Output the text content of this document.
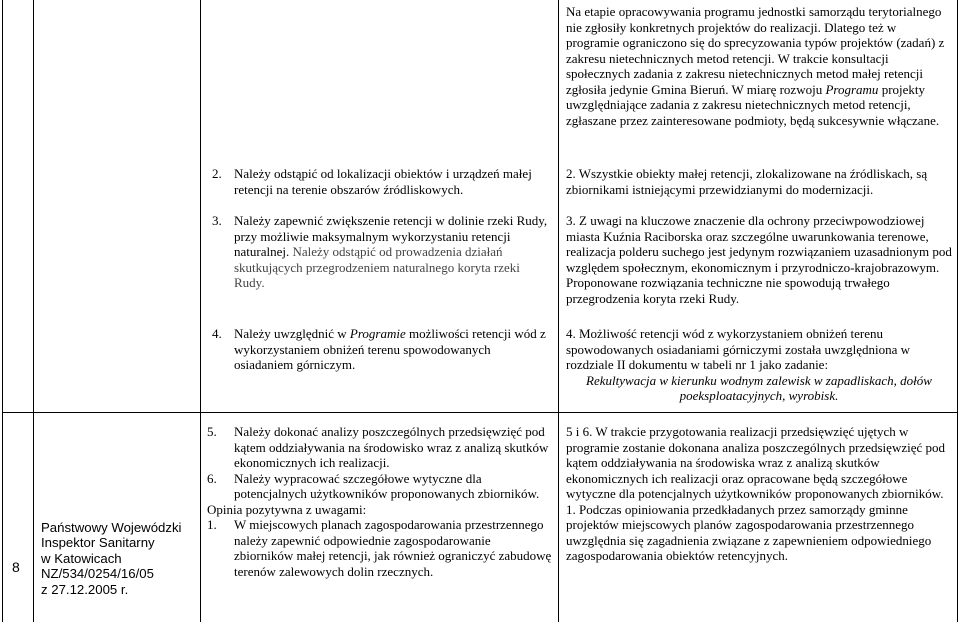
Na etapie opracowywania programu jednostki samorządu terytorialnego nie zgłosiły konkretnych projektów do realizacji. Dlatego też w programie ograniczono się do sprecyzowania typów projektów (zadań) z zakresu nietechnicznych metod retencji. W trakcie konsultacji społecznych zadania z zakresu nietechnicznych metod małej retencji zgłosiła jedynie Gmina Bieruń. W miarę rozwoju Programu projekty uwzględniające zadania z zakresu nietechnicznych metod retencji, zgłaszane przez zainteresowane podmioty, będą sukcesywnie włączane.

2. Należy odstąpić od lokalizacji obiektów i urządzeń małej retencji na terenie obszarów źródliskowych.

2. Wszystkie obiekty małej retencji, zlokalizowane na źródliskach, są zbiornikami istniejącymi przewidzianymi do modernizacji.

3. Należy zapewnić zwiększenie retencji w dolinie rzeki Rudy, przy możliwie maksymalnym wykorzystaniu retencji naturalnej. Należy odstąpić od prowadzenia działań skutkujących przegrodzeniem naturalnego koryta rzeki Rudy.

3. Z uwagi na kluczowe znaczenie dla ochrony przeciwpowodziowej miasta Kuźnia Raciborska oraz szczególne uwarunkowania terenowe, realizacja polderu suchego jest jedynym rozwiązaniem uzasadnionym pod względem społecznym, ekonomicznym i przyrodniczo-krajobrazowym. Proponowane rozwiązania techniczne nie spowodują trwałego przegrodzenia koryta rzeki Rudy.

4. Należy uwzględnić w Programie możliwości retencji wód z wykorzystaniem obniżeń terenu spowodowanych osiadaniem górniczym.

4. Możliwość retencji wód z wykorzystaniem obniżeń terenu spowodowanych osiadaniami górniczymi została uwzględniona w rozdziale II dokumentu w tabeli nr 1 jako zadanie:

Rekultywacja w kierunku wodnym zalewisk w zapadliskach, dołów poeksploatacyjnych, wyrobisk.

8
Państwowy Wojewódzki
Inspektor Sanitarny
w Katowicach
NZ/534/0254/16/05
z 27.12.2005 r.
5. Należy dokonać analizy poszczególnych przedsięwzięć pod kątem oddziaływania na środowisko wraz z analizą skutków ekonomicznych ich realizacji.

6. Należy wypracować szczegółowe wytyczne dla potencjalnych użytkowników proponowanych zbiorników.

Opinia pozytywna z uwagami:

1. W miejscowych planach zagospodarowania przestrzennego należy zapewnić odpowiednie zagospodarowanie zbiorników małej retencji, jak również ograniczyć zabudowę terenów zalewowych dolin rzecznych.

5 i 6. W trakcie przygotowania realizacji przedsięwzięć ujętych w programie zostanie dokonana analiza poszczególnych przedsięwzięć pod kątem oddziaływania na środowiska wraz z analizą skutków ekonomicznych ich realizacji oraz opracowane będą szczegółowe wytyczne dla potencjalnych użytkowników proponowanych zbiorników.

1. Podczas opiniowania przedkładanych przez samorządy gminne projektów miejscowych planów zagospodarowania przestrzennego uwzględnia się zagadnienia związane z zapewnieniem odpowiedniego zagospodarowania obiektów retencyjnych.
